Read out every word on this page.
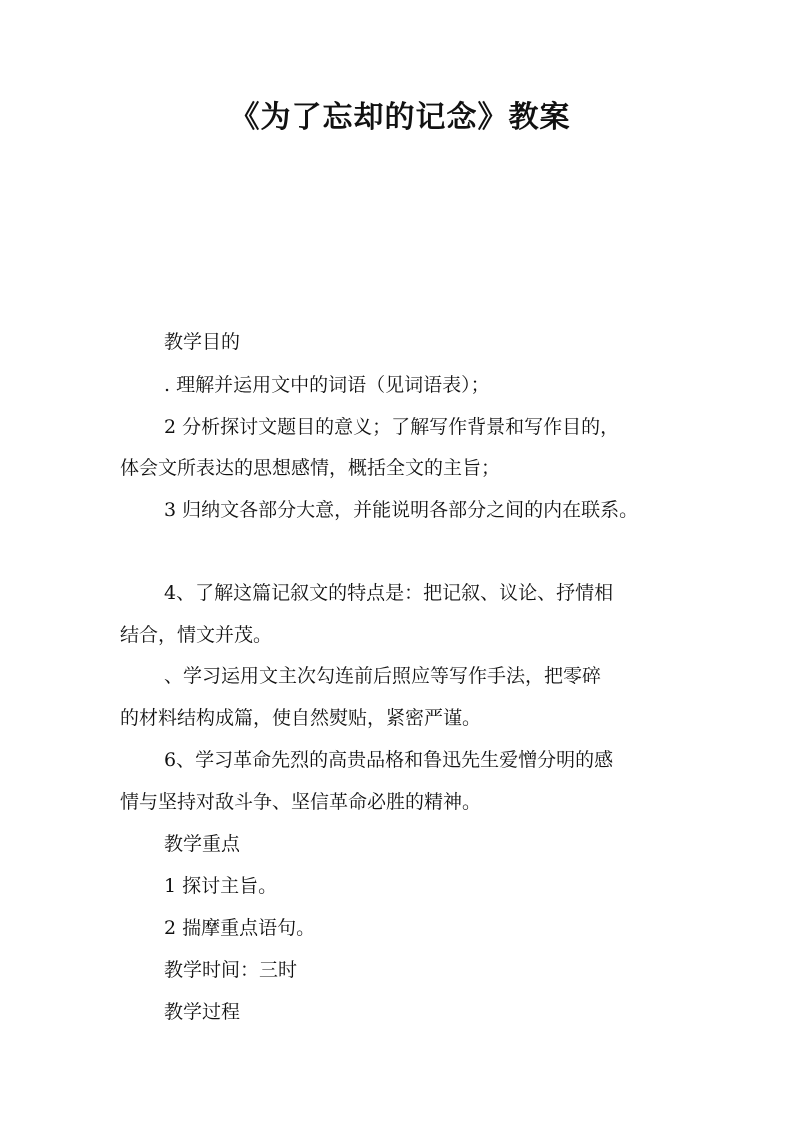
《为了忘却的记念》教案
教学目的
. 理解并运用文中的词语（见词语表）；
2 分析探讨文题目的意义；了解写作背景和写作目的，
体会文所表达的思想感情，概括全文的主旨；
3 归纳文各部分大意，并能说明各部分之间的内在联系。
4、了解这篇记叙文的特点是：把记叙、议论、抒情相
结合，情文并茂。
、学习运用文主次勾连前后照应等写作手法，把零碎
的材料结构成篇，使自然熨贴，紧密严谨。
6、学习革命先烈的高贵品格和鲁迅先生爱憎分明的感
情与坚持对敌斗争、坚信革命必胜的精神。
教学重点
1 探讨主旨。
2 揣摩重点语句。
教学时间：三时
教学过程
